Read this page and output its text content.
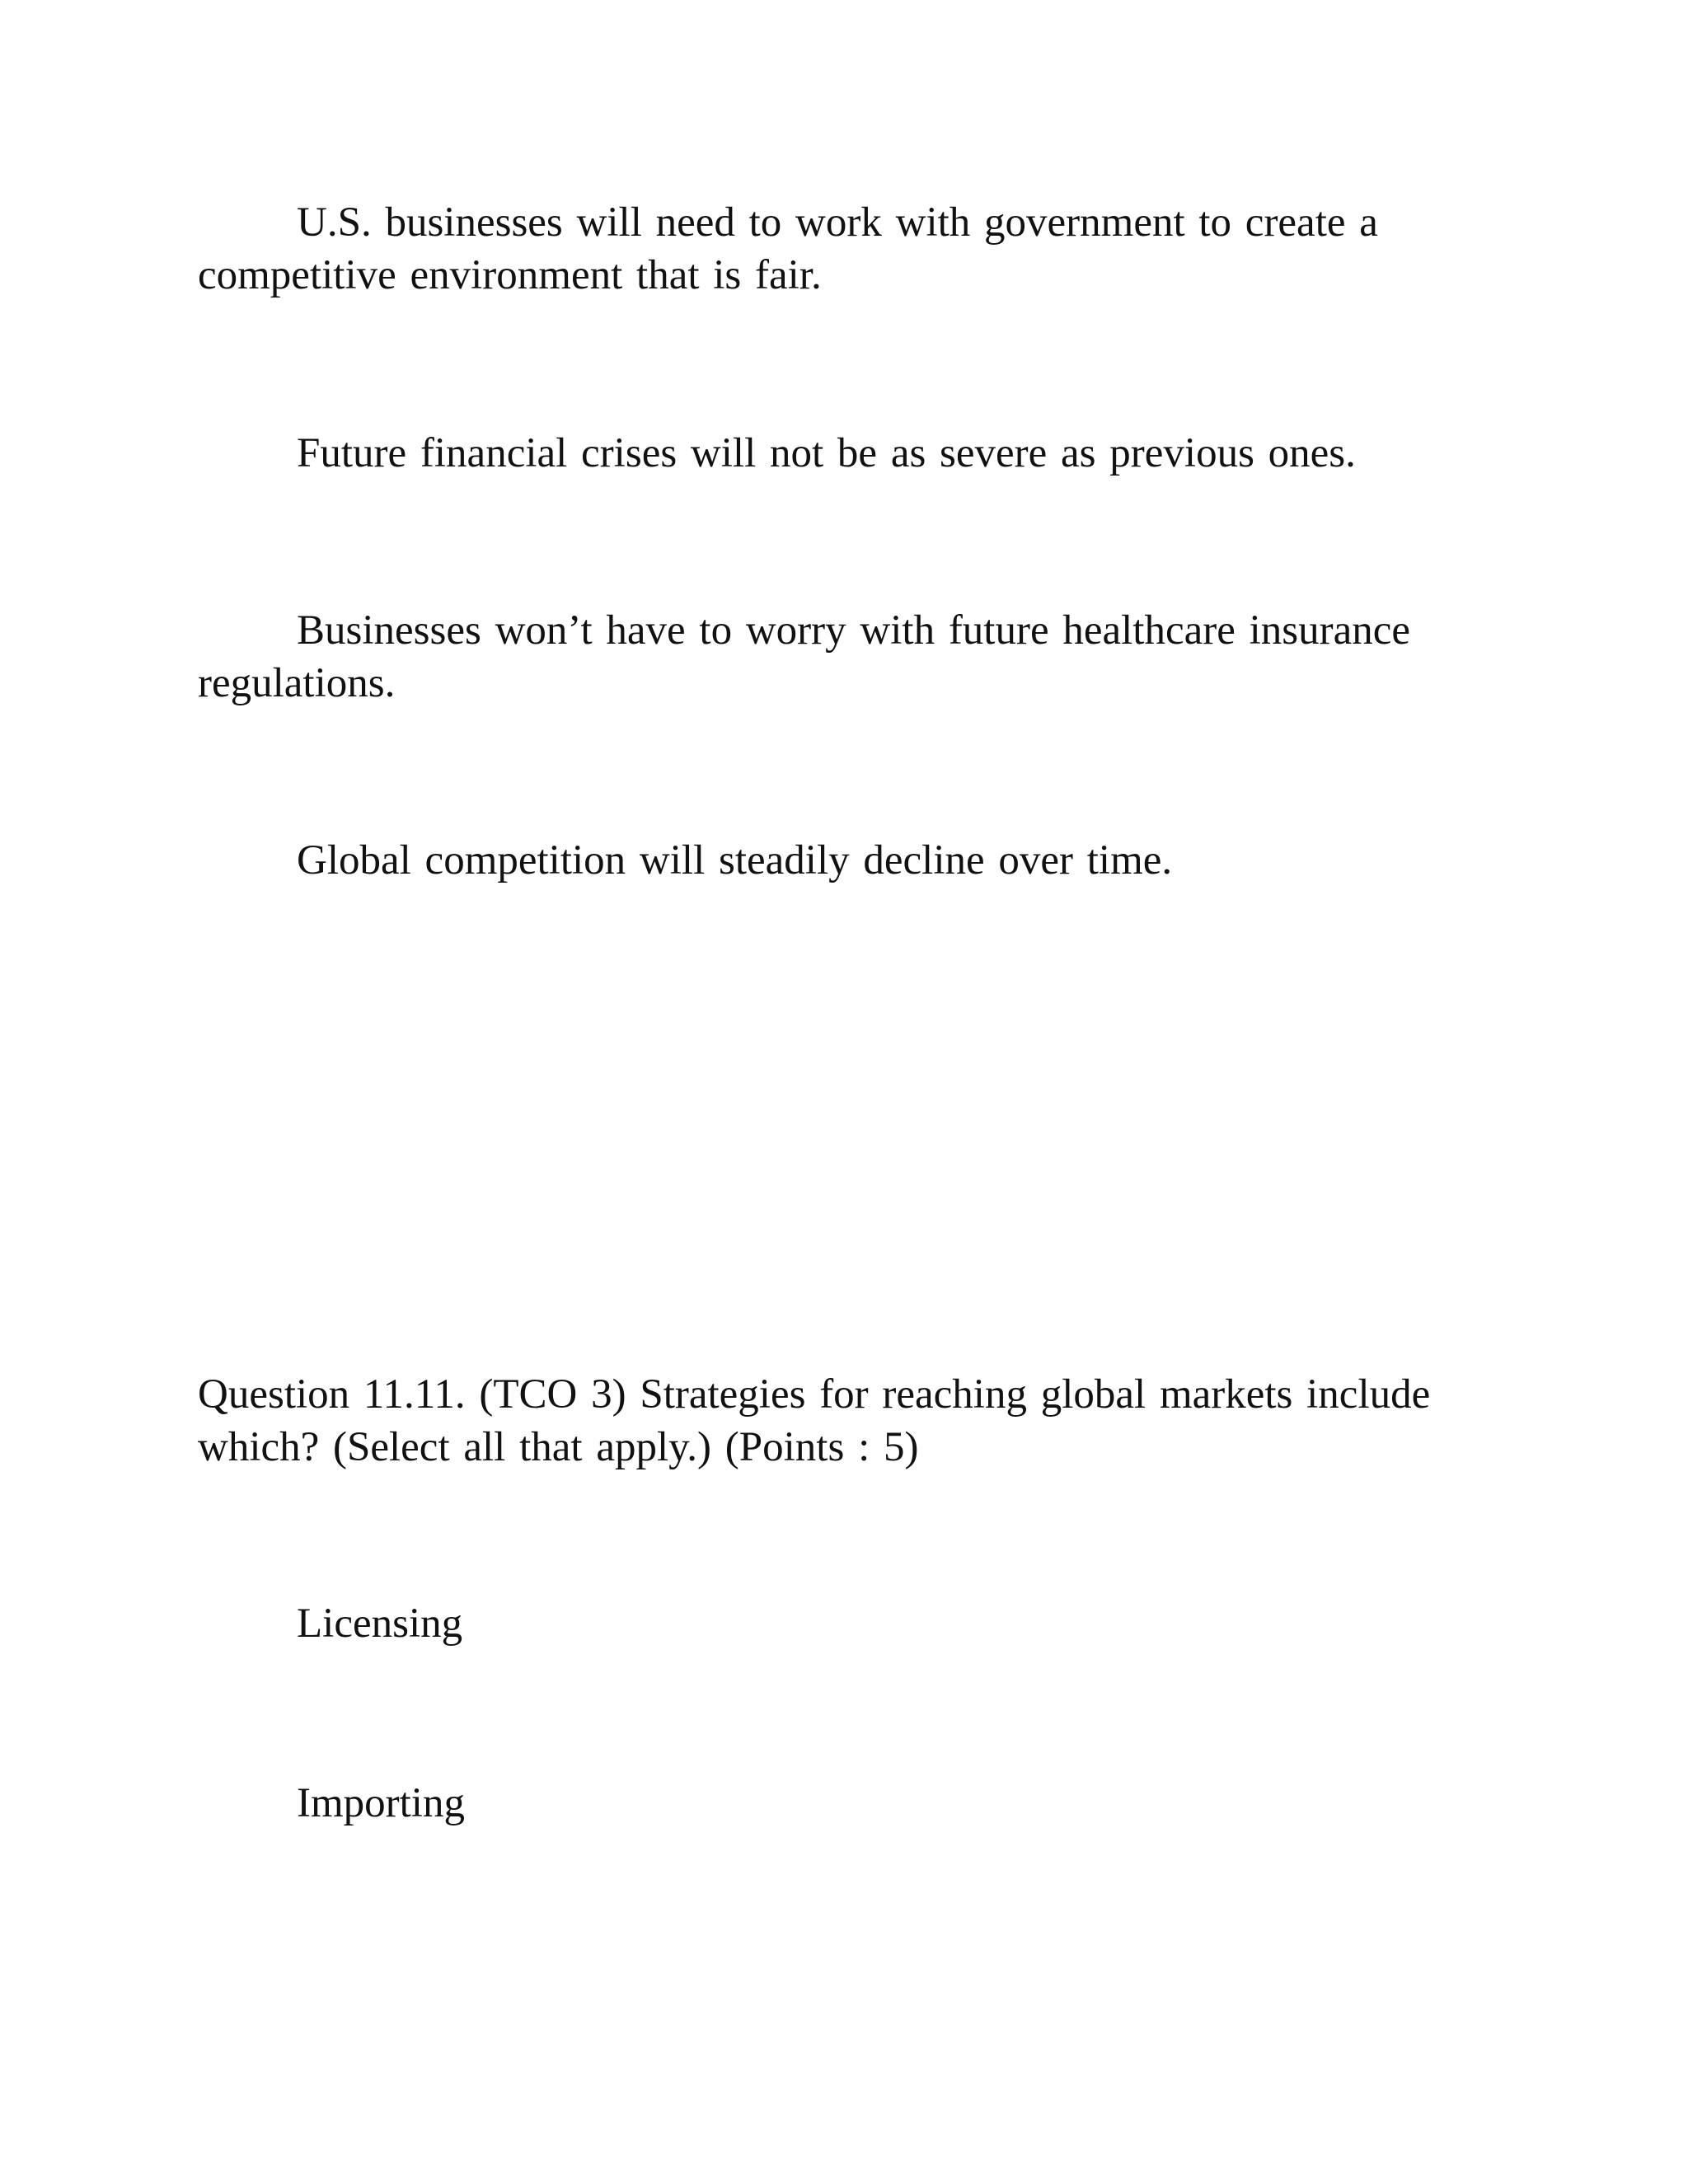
U.S. businesses will need to work with government to create a competitive environment that is fair.

Future financial crises will not be as severe as previous ones.

Businesses won’t have to worry with future healthcare insurance regulations.

Global competition will steadily decline over time.

Question 11.11. (TCO 3) Strategies for reaching global markets include which? (Select all that apply.) (Points : 5)

Licensing

Importing
